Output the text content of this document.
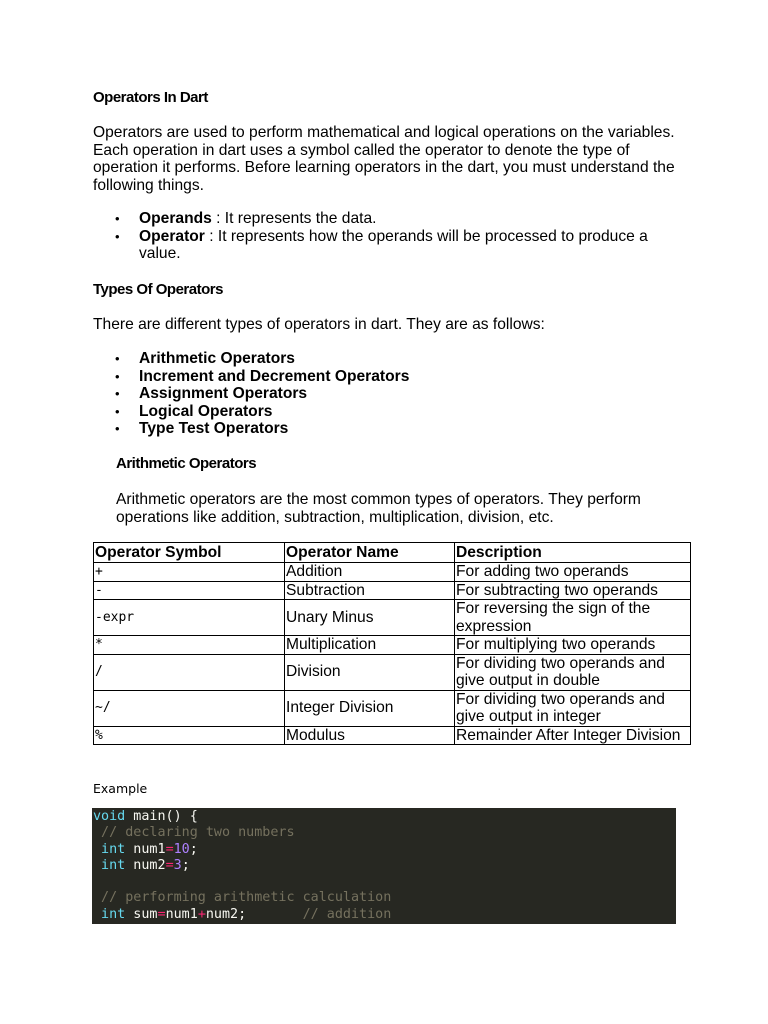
Operators In Dart

Operators are used to perform mathematical and logical operations on the variables. Each operation in dart uses a symbol called the operator to denote the type of operation it performs. Before learning operators in the dart, you must understand the following things.

• Operands : It represents the data.
• Operator : It represents how the operands will be processed to produce a value.
Types Of Operators

There are different types of operators in dart. They are as follows:

• Arithmetic Operators
• Increment and Decrement Operators
• Assignment Operators
• Logical Operators
• Type Test Operators
Arithmetic Operators

Arithmetic operators are the most common types of operators. They perform operations like addition, subtraction, multiplication, division, etc.

Operator Symbol	Operator Name	Description
+	Addition	For adding two operands
-	Subtraction	For subtracting two operands
-expr	Unary Minus	For reversing the sign of the expression
*	Multiplication	For multiplying two operands
/	Division	For dividing two operands and give output in double
~/	Integer Division	For dividing two operands and give output in integer
%	Modulus	Remainder After Integer Division
Example
void main() {
// declaring two numbers
int num1=10;
int num2=3;
// performing arithmetic calculation
int sum=num1+num2;	// addition
